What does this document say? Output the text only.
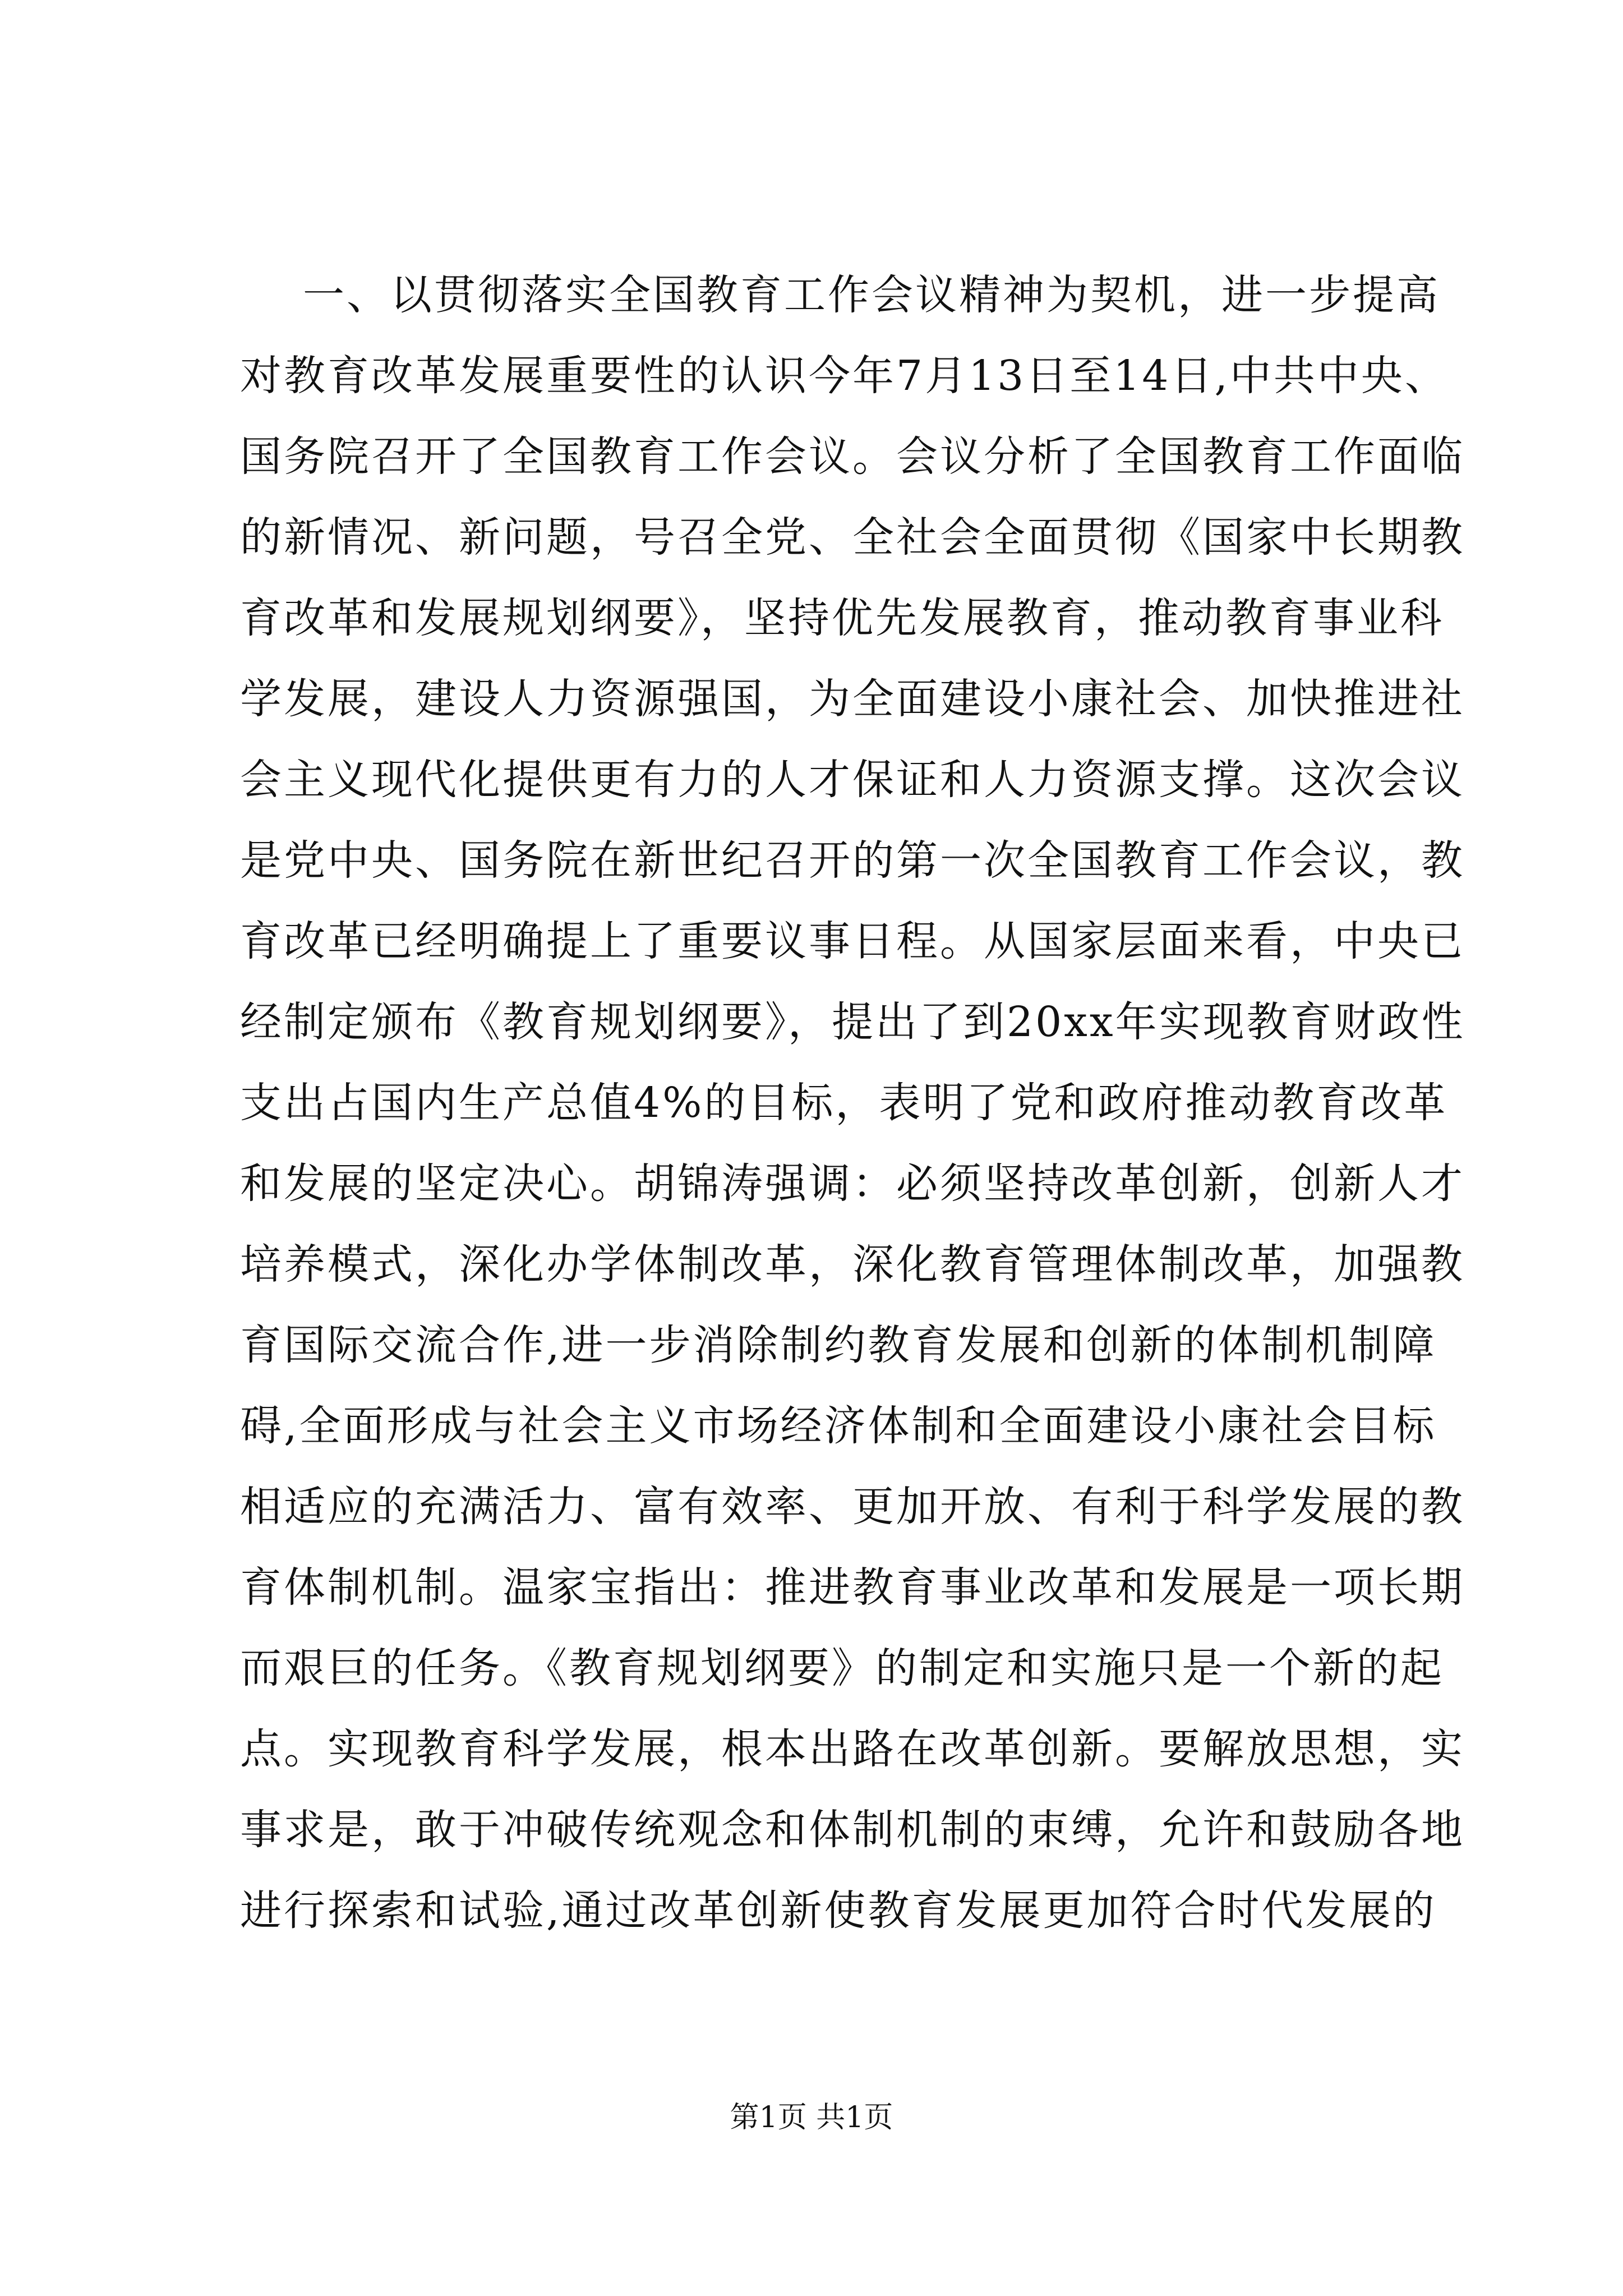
一、以贯彻落实全国教育工作会议精神为契机，进一步提高
对教育改革发展重要性的认识今年7月13日至14日,中共中央、
国务院召开了全国教育工作会议。会议分析了全国教育工作面临
的新情况、新问题，号召全党、全社会全面贯彻《国家中长期教
育改革和发展规划纲要》，坚持优先发展教育，推动教育事业科
学发展，建设人力资源强国，为全面建设小康社会、加快推进社
会主义现代化提供更有力的人才保证和人力资源支撑。这次会议
是党中央、国务院在新世纪召开的第一次全国教育工作会议，教
育改革已经明确提上了重要议事日程。从国家层面来看，中央已
经制定颁布《教育规划纲要》，提出了到20xx年实现教育财政性
支出占国内生产总值4%的目标，表明了党和政府推动教育改革
和发展的坚定决心。胡锦涛强调：必须坚持改革创新，创新人才
培养模式，深化办学体制改革，深化教育管理体制改革，加强教
育国际交流合作,进一步消除制约教育发展和创新的体制机制障
碍,全面形成与社会主义市场经济体制和全面建设小康社会目标
相适应的充满活力、富有效率、更加开放、有利于科学发展的教
育体制机制。温家宝指出：推进教育事业改革和发展是一项长期
而艰巨的任务。《教育规划纲要》的制定和实施只是一个新的起
点。实现教育科学发展，根本出路在改革创新。要解放思想，实
事求是，敢于冲破传统观念和体制机制的束缚，允许和鼓励各地
进行探索和试验,通过改革创新使教育发展更加符合时代发展的
第1页 共1页
